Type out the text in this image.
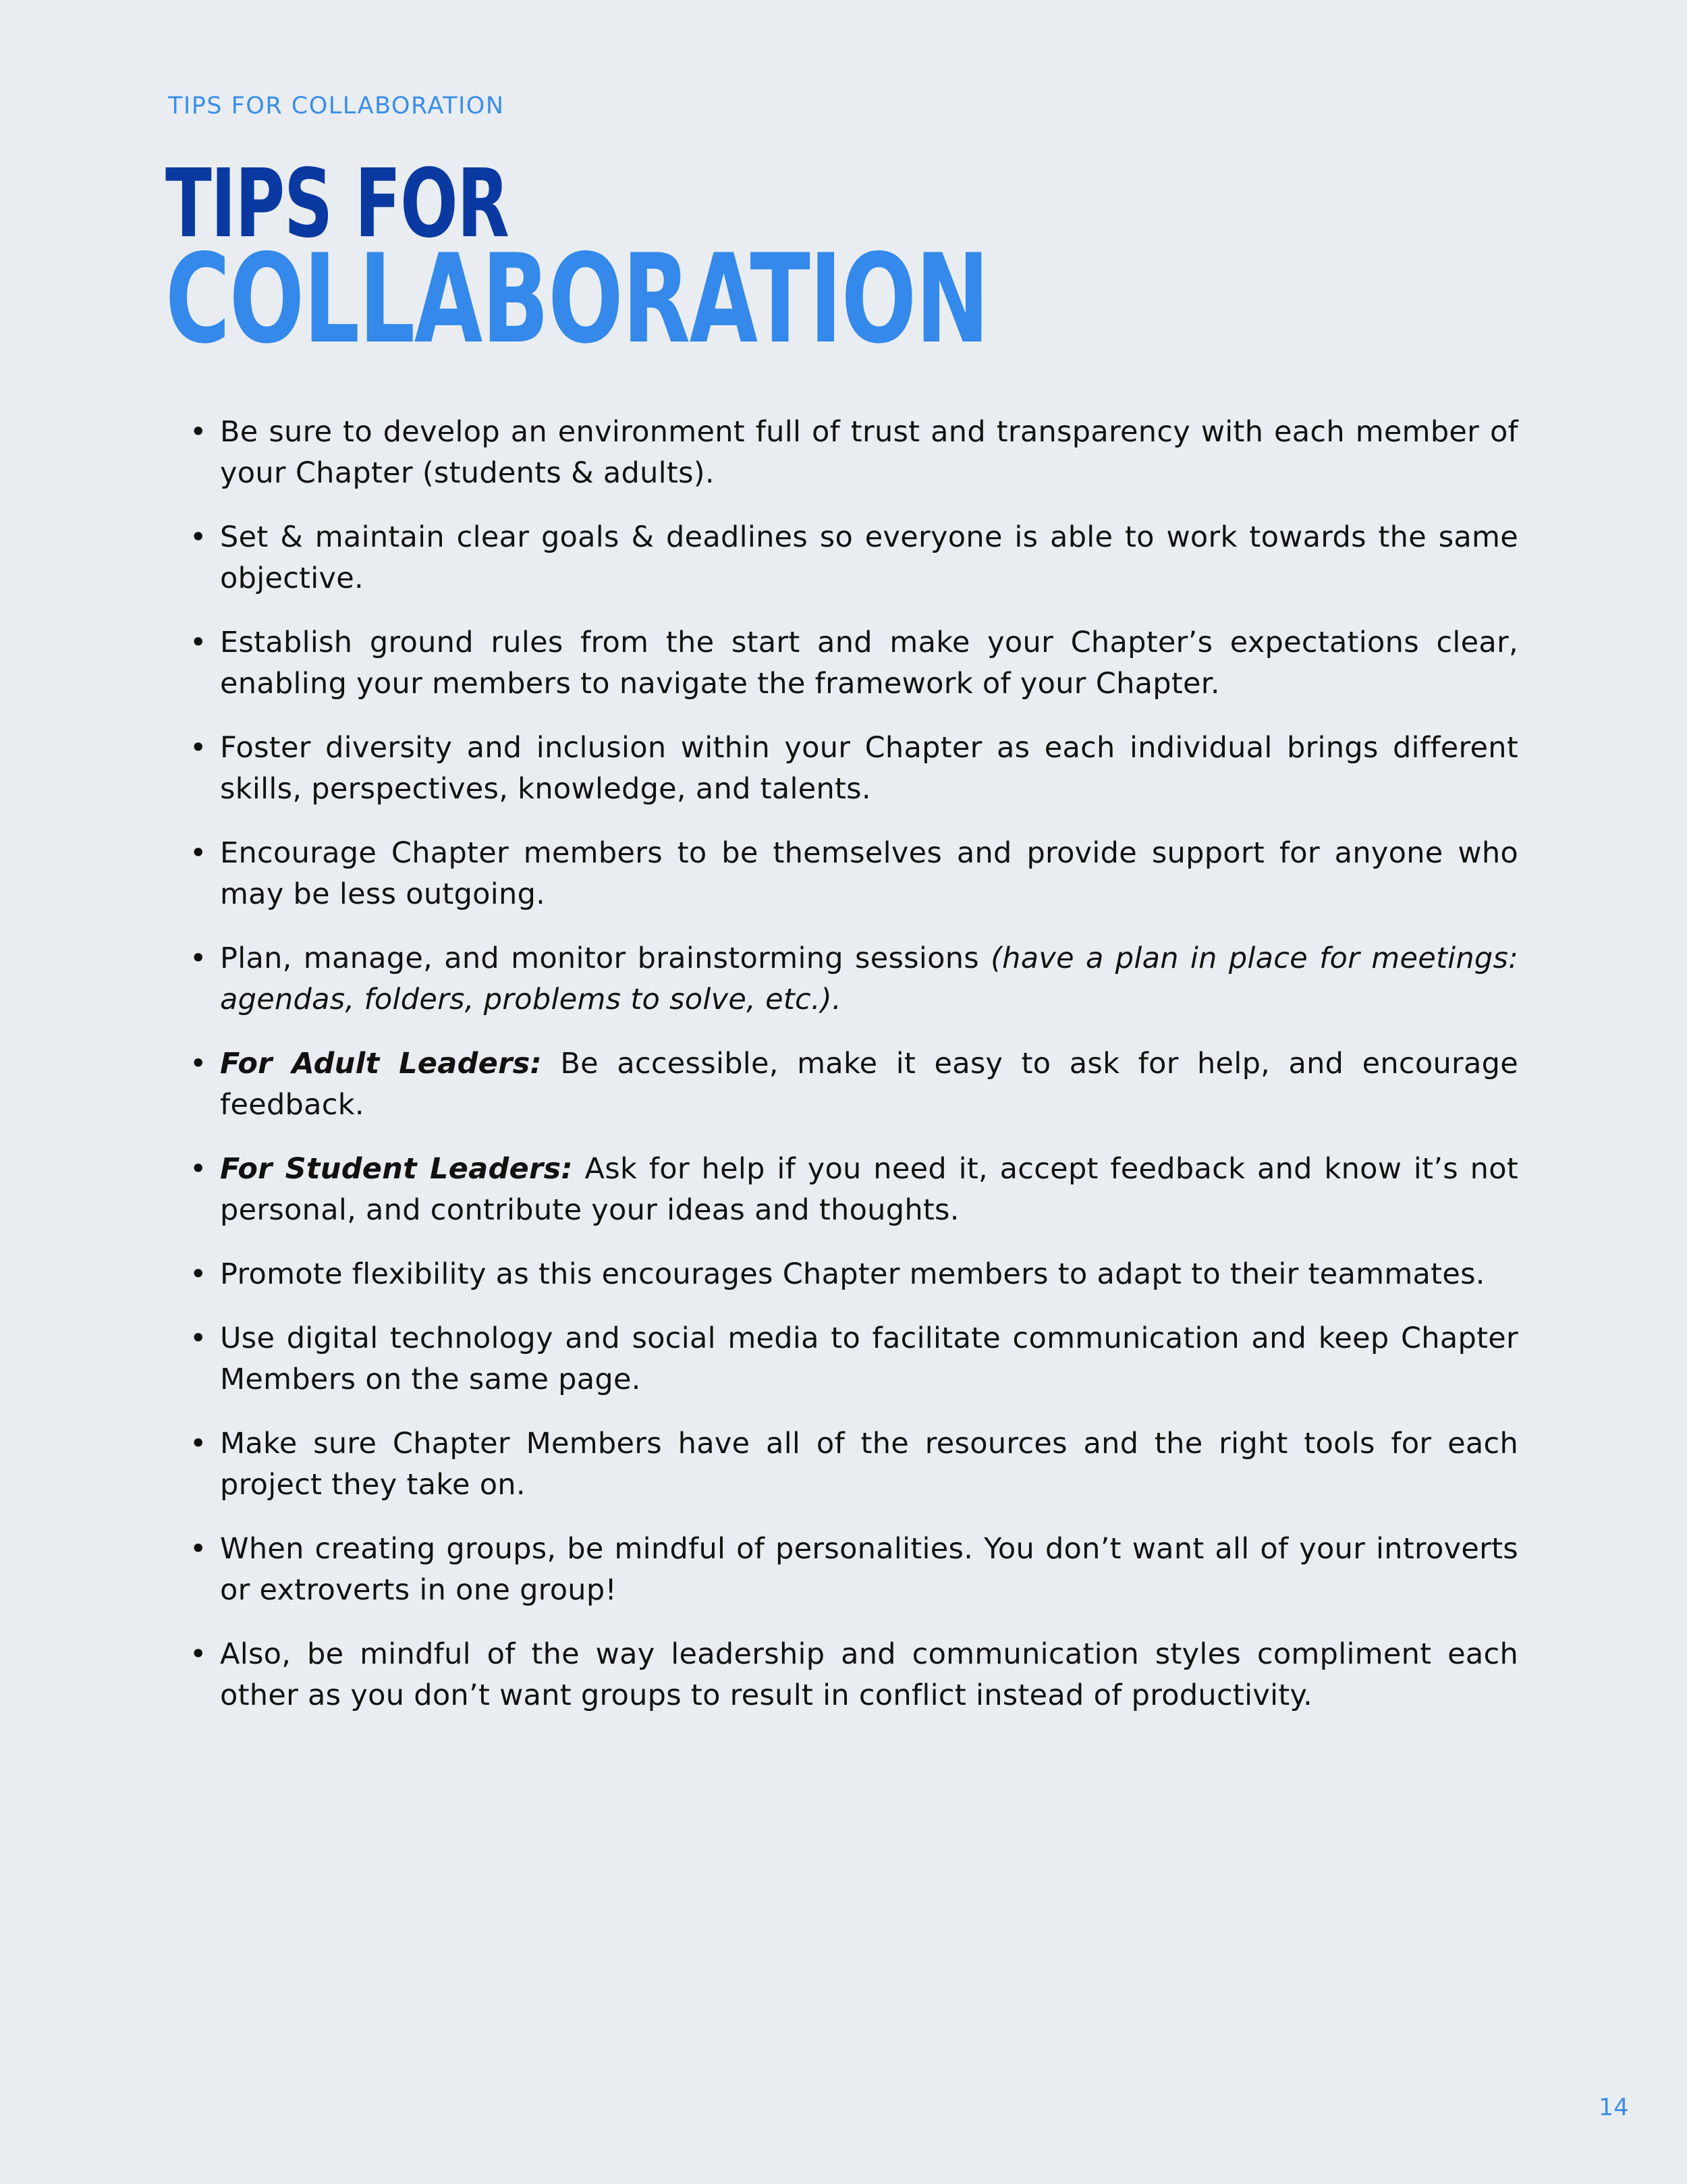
TIPS FOR COLLABORATION
TIPS FOR
COLLABORATION
• Be sure to develop an environment full of trust and transparency with each member of your Chapter (students & adults).
• Set & maintain clear goals & deadlines so everyone is able to work towards the same objective.
• Establish ground rules from the start and make your Chapter’s expectations clear, enabling your members to navigate the framework of your Chapter.
• Foster diversity and inclusion within your Chapter as each individual brings different skills, perspectives, knowledge, and talents.
• Encourage Chapter members to be themselves and provide support for anyone who may be less outgoing.
• Plan, manage, and monitor brainstorming sessions (have a plan in place for meetings: agendas, folders, problems to solve, etc.).
• For Adult Leaders: Be accessible, make it easy to ask for help, and encourage feedback.
• For Student Leaders: Ask for help if you need it, accept feedback and know it’s not personal, and contribute your ideas and thoughts.
• Promote flexibility as this encourages Chapter members to adapt to their teammates.
• Use digital technology and social media to facilitate communication and keep Chapter Members on the same page.
• Make sure Chapter Members have all of the resources and the right tools for each project they take on.
• When creating groups, be mindful of personalities. You don’t want all of your introverts or extroverts in one group!
• Also, be mindful of the way leadership and communication styles compliment each other as you don’t want groups to result in conflict instead of productivity.
14
